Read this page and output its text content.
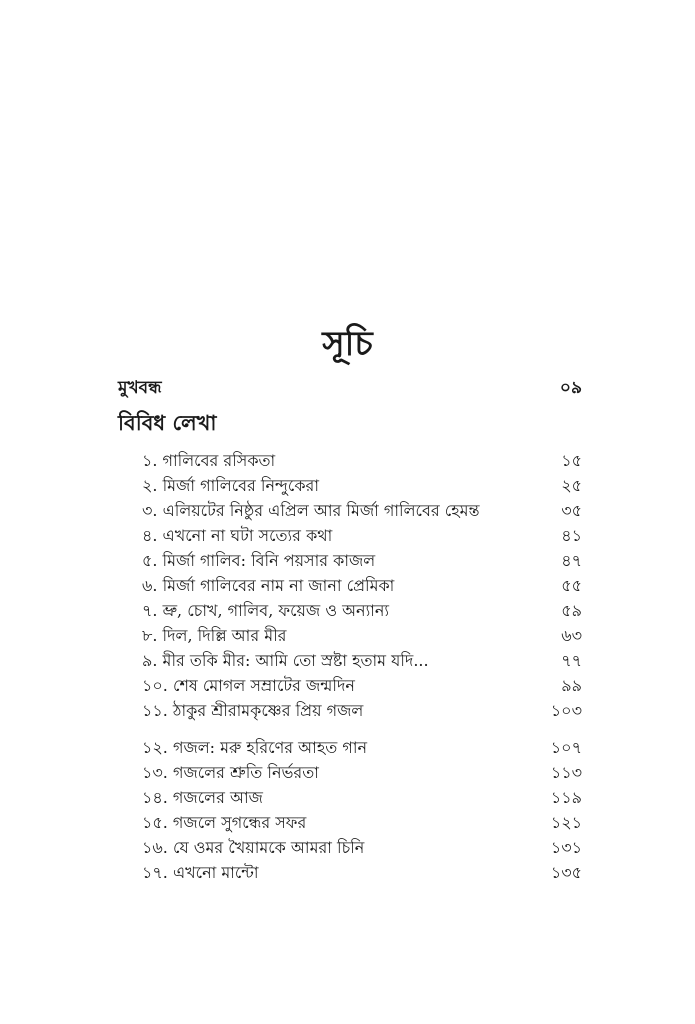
সূচি
মুখবন্ধ	০৯
বিবিধ লেখা
১. গালিবের রসিকতা	১৫
২. মির্জা গালিবের নিন্দুকেরা	২৫
৩. এলিয়টের নিষ্ঠুর এপ্রিল আর মির্জা গালিবের হেমন্ত	৩৫
৪. এখনো না ঘটা সত্যের কথা	৪১
৫. মির্জা গালিব: বিনি পয়সার কাজল	৪৭
৬. মির্জা গালিবের নাম না জানা প্রেমিকা	৫৫
৭. ভ্রু, চোখ, গালিব, ফয়েজ ও অন্যান্য	৫৯
৮. দিল, দিল্লি আর মীর	৬৩
৯. মীর তকি মীর: আমি তো স্রষ্টা হতাম যদি...	৭৭
১০. শেষ মোগল সম্রাটের জন্মদিন	৯৯
১১. ঠাকুর শ্রীরামকৃষ্ণের প্রিয় গজল	১০৩
১২. গজল: মরু হরিণের আহত গান	১০৭
১৩. গজলের শ্রুতি নির্ভরতা	১১৩
১৪. গজলের আজ	১১৯
১৫. গজলে সুগন্ধের সফর	১২১
১৬. যে ওমর খৈয়ামকে আমরা চিনি	১৩১
১৭. এখনো মান্টো	১৩৫
